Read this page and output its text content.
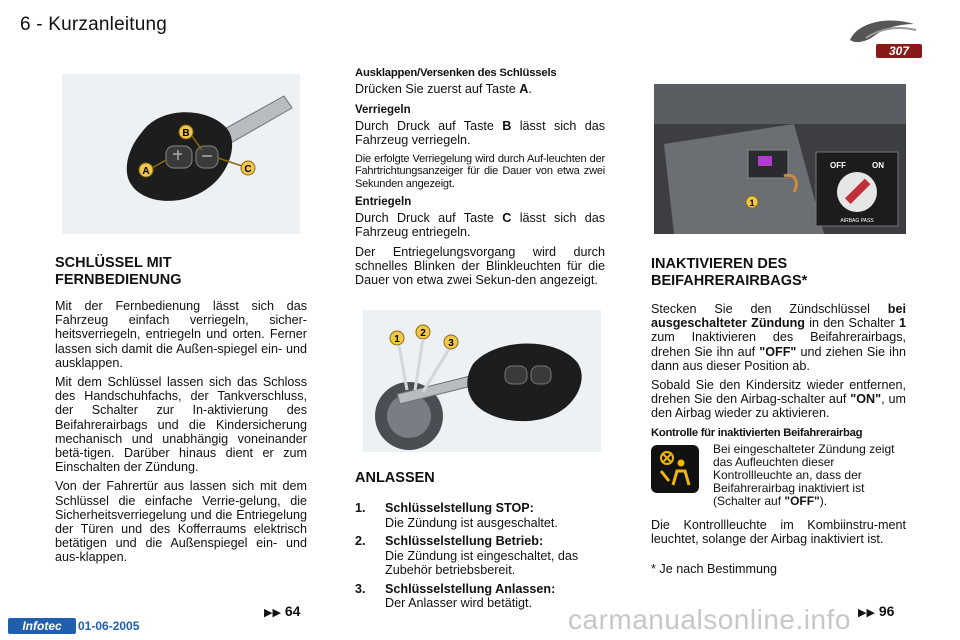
6 - Kurzanleitung
307
B
A	C
SCHLÜSSEL MIT FERNBEDIENUNG

Mit der Fernbedienung lässt sich das Fahrzeug einfach verriegeln, sicher-heitsverriegeln, entriegeln und orten. Ferner lassen sich damit die Außen-spiegel ein- und ausklappen.

Mit dem Schlüssel lassen sich das Schloss des Handschuhfachs, der Tankverschluss, der Schalter zur In-aktivierung des Beifahrerairbags und die Kindersicherung mechanisch und unabhängig voneinander betä-tigen. Darüber hinaus dient er zum Einschalten der Zündung.

Von der Fahrertür aus lassen sich mit dem Schlüssel die einfache Verrie-gelung, die Sicherheitsverriegelung und die Entriegelung der Türen und des Kofferraums elektrisch betätigen und die Außenspiegel ein- und aus-klappen.

▶▶ 64
Ausklappen/Versenken des Schlüssels

Drücken Sie zuerst auf Taste A.

Verriegeln

Durch Druck auf Taste B lässt sich das Fahrzeug verriegeln.

Die erfolgte Verriegelung wird durch Auf-leuchten der Fahrtrichtungsanzeiger für die Dauer von etwa zwei Sekunden angezeigt.

Entriegeln

Durch Druck auf Taste C lässt sich das Fahrzeug entriegeln.

Der Entriegelungsvorgang wird durch schnelles Blinken der Blinkleuchten für die Dauer von etwa zwei Sekun-den angezeigt.

1
2
3
ANLASSEN
1. Schlüsselstellung STOP:
Die Zündung ist ausgeschaltet.
2. Schlüsselstellung Betrieb:
Die Zündung ist eingeschaltet, das Zubehör betriebsbereit.
3. Schlüsselstellung Anlassen:
Der Anlasser wird betätigt.
1
OFF	ON
AIRBAG PASS
INAKTIVIEREN DES BEIFAHRERAIRBAGS*

Stecken Sie den Zündschlüssel bei ausgeschalteter Zündung in den Schalter 1 zum Inaktivieren des Beifahrerairbags, drehen Sie ihn auf "OFF" und ziehen Sie ihn dann aus dieser Position ab.

Sobald Sie den Kindersitz wieder entfernen, drehen Sie den Airbag-schalter auf "ON", um den Airbag wieder zu aktivieren.

Kontrolle für inaktivierten Beifahrerairbag

Bei eingeschalteter Zündung zeigt das Aufleuchten dieser Kontrollleuchte an, dass der Beifahrerairbag inaktiviert ist (Schalter auf "OFF").

Die Kontrollleuchte im Kombiinstru-ment leuchtet, solange der Airbag inaktiviert ist.

* Je nach Bestimmung

▶▶ 96
carmanualsonline.info
Infotec	01-06-2005
